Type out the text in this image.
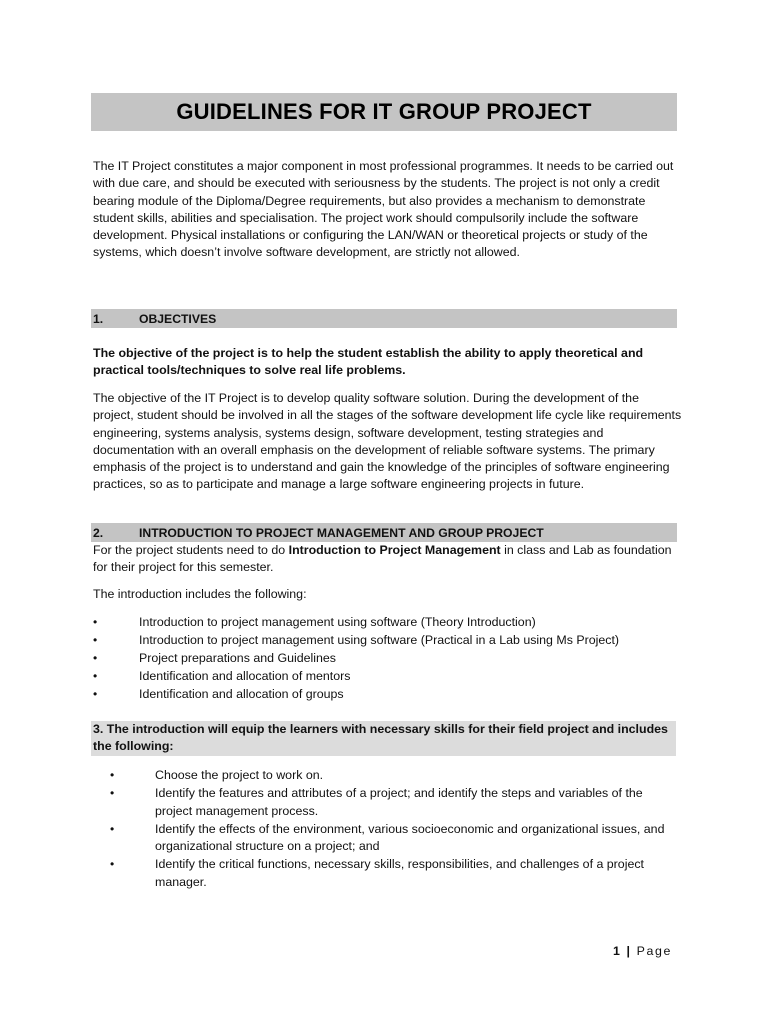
GUIDELINES FOR IT GROUP PROJECT

The IT Project constitutes a major component in most professional programmes. It needs to be carried out with due care, and should be executed with seriousness by the students. The project is not only a credit bearing module of the Diploma/Degree requirements, but also provides a mechanism to demonstrate student skills, abilities and specialisation. The project work should compulsorily include the software development. Physical installations or configuring the LAN/WAN or theoretical projects or study of the systems, which doesn’t involve software development, are strictly not allowed.

1.	OBJECTIVES

The objective of the project is to help the student establish the ability to apply theoretical and practical tools/techniques to solve real life problems.

The objective of the IT Project is to develop quality software solution. During the development of the project, student should be involved in all the stages of the software development life cycle like requirements engineering, systems analysis, systems design, software development, testing strategies and documentation with an overall emphasis on the development of reliable software systems. The primary emphasis of the project is to understand and gain the knowledge of the principles of software engineering practices, so as to participate and manage a large software engineering projects in future.

2.	INTRODUCTION TO PROJECT MANAGEMENT AND GROUP PROJECT

For the project students need to do Introduction to Project Management in class and Lab as foundation for their project for this semester.

The introduction includes the following:

•	Introduction to project management using software (Theory Introduction)
•	Introduction to project management using software (Practical in a Lab using Ms Project)
•	Project preparations and Guidelines
•	Identification and allocation of mentors
•	Identification and allocation of groups
3. The introduction will equip the learners with necessary skills for their field project and includes the following:
•	Choose the project to work on.
•	Identify the features and attributes of a project; and identify the steps and variables of the project management process.
•	Identify the effects of the environment, various socioeconomic and organizational issues, and organizational structure on a project; and
•	Identify the critical functions, necessary skills, responsibilities, and challenges of a project manager.
1 | Page
